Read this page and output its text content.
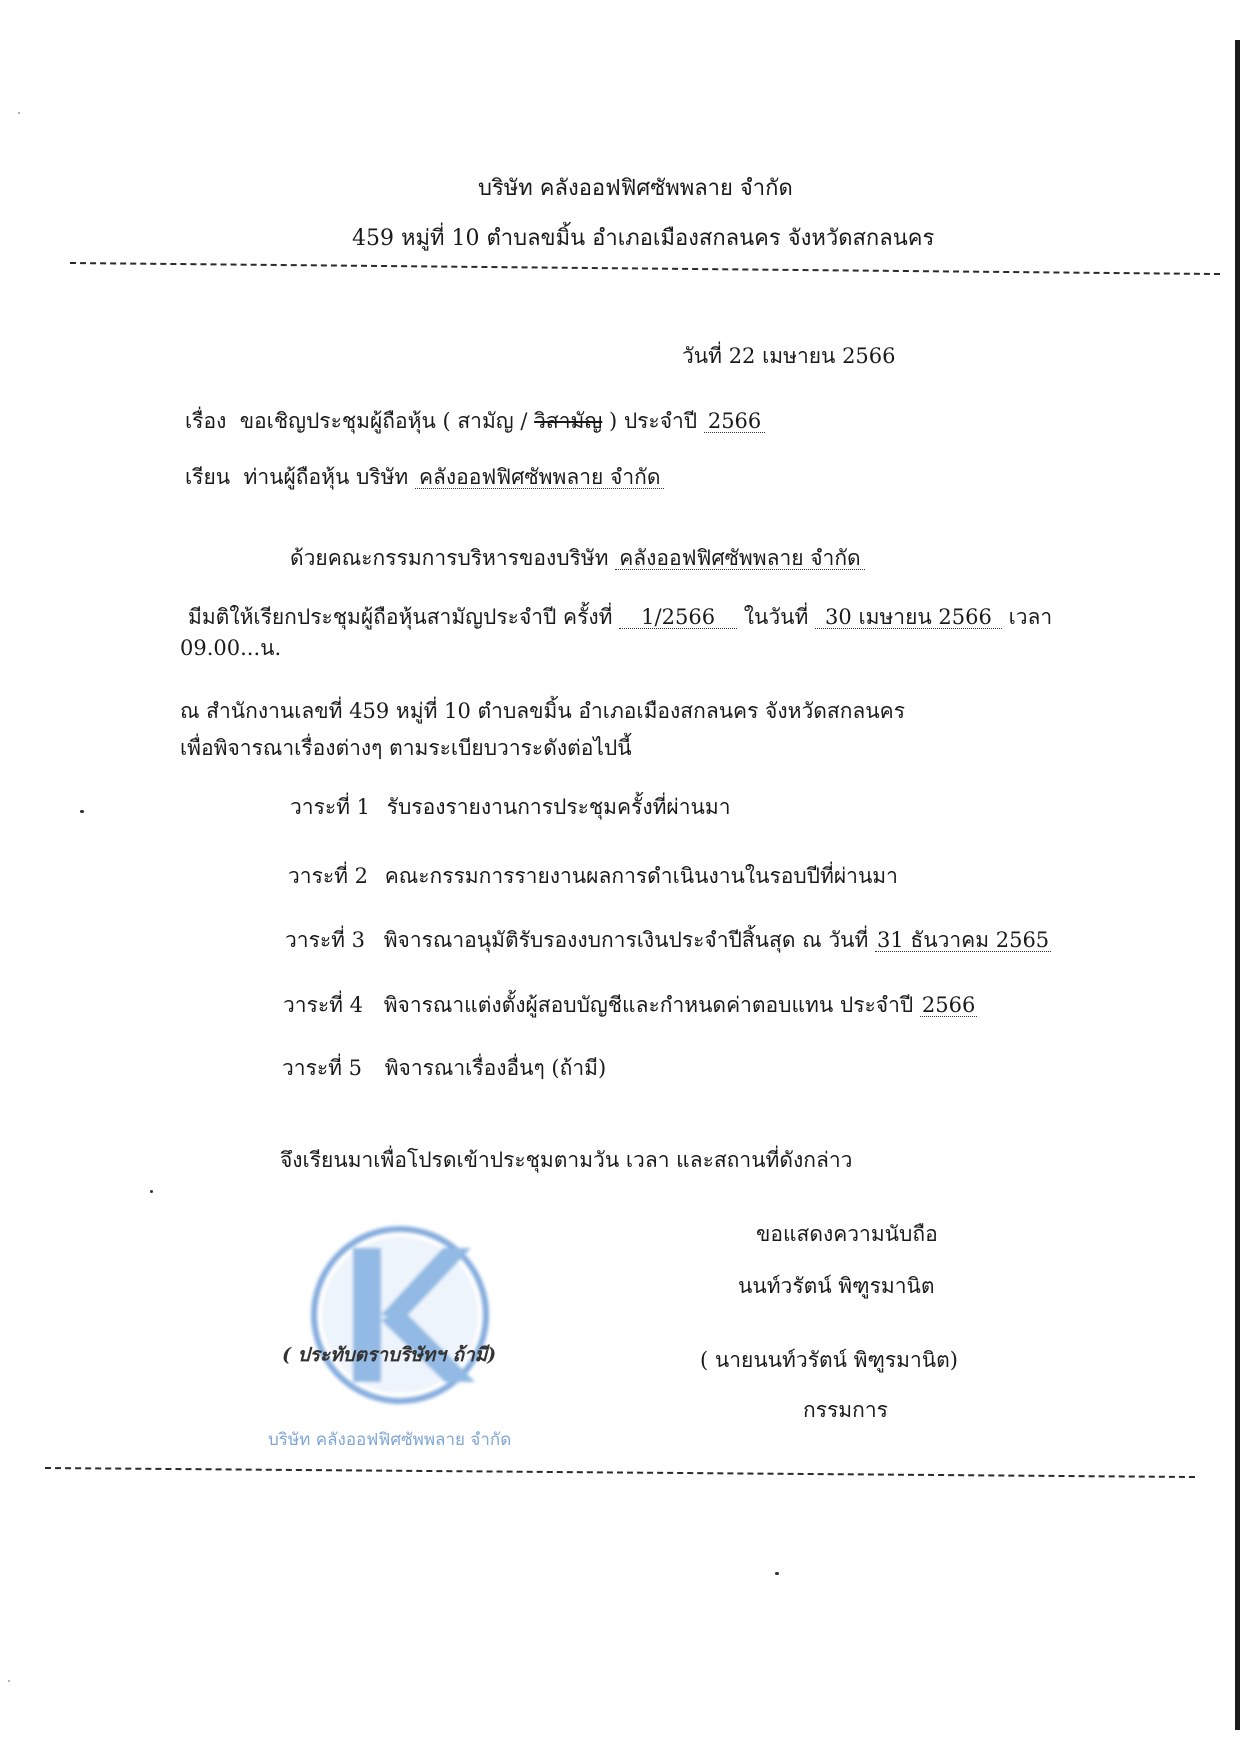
บริษัท คลังออฟฟิศซัพพลาย จำกัด
459 หมู่ที่ 10 ตำบลขมิ้น อำเภอเมืองสกลนคร จังหวัดสกลนคร
วันที่ 22 เมษายน 2566
เรื่อง ขอเชิญประชุมผู้ถือหุ้น ( สามัญ / วิสามัญ ) ประจำปี 2566
เรียน ท่านผู้ถือหุ้น บริษัท คลังออฟฟิศซัพพลาย จำกัด
ด้วยคณะกรรมการบริหารของบริษัท คลังออฟฟิศซัพพลาย จำกัด
มีมติให้เรียกประชุมผู้ถือหุ้นสามัญประจำปี ครั้งที่ 1/2566 ในวันที่ 30 เมษายน 2566 เวลา
09.00...น.
ณ สำนักงานเลขที่ 459 หมู่ที่ 10 ตำบลขมิ้น อำเภอเมืองสกลนคร จังหวัดสกลนคร
เพื่อพิจารณาเรื่องต่างๆ ตามระเบียบวาระดังต่อไปนี้
วาระที่ 1 รับรองรายงานการประชุมครั้งที่ผ่านมา
วาระที่ 2 คณะกรรมการรายงานผลการดำเนินงานในรอบปีที่ผ่านมา
วาระที่ 3 พิจารณาอนุมัติรับรองงบการเงินประจำปีสิ้นสุด ณ วันที่ 31 ธันวาคม 2565
วาระที่ 4 พิจารณาแต่งตั้งผู้สอบบัญชีและกำหนดค่าตอบแทน ประจำปี 2566
วาระที่ 5 พิจารณาเรื่องอื่นๆ (ถ้ามี)
จึงเรียนมาเพื่อโปรดเข้าประชุมตามวัน เวลา และสถานที่ดังกล่าว
ขอแสดงความนับถือ
นนท์วรัตน์ พิฑูรมานิต
( นายนนท์วรัตน์ พิฑูรมานิต)
กรรมการ
K
( ประทับตราบริษัทฯ ถ้ามี)
บริษัท คลังออฟฟิศซัพพลาย จำกัด
